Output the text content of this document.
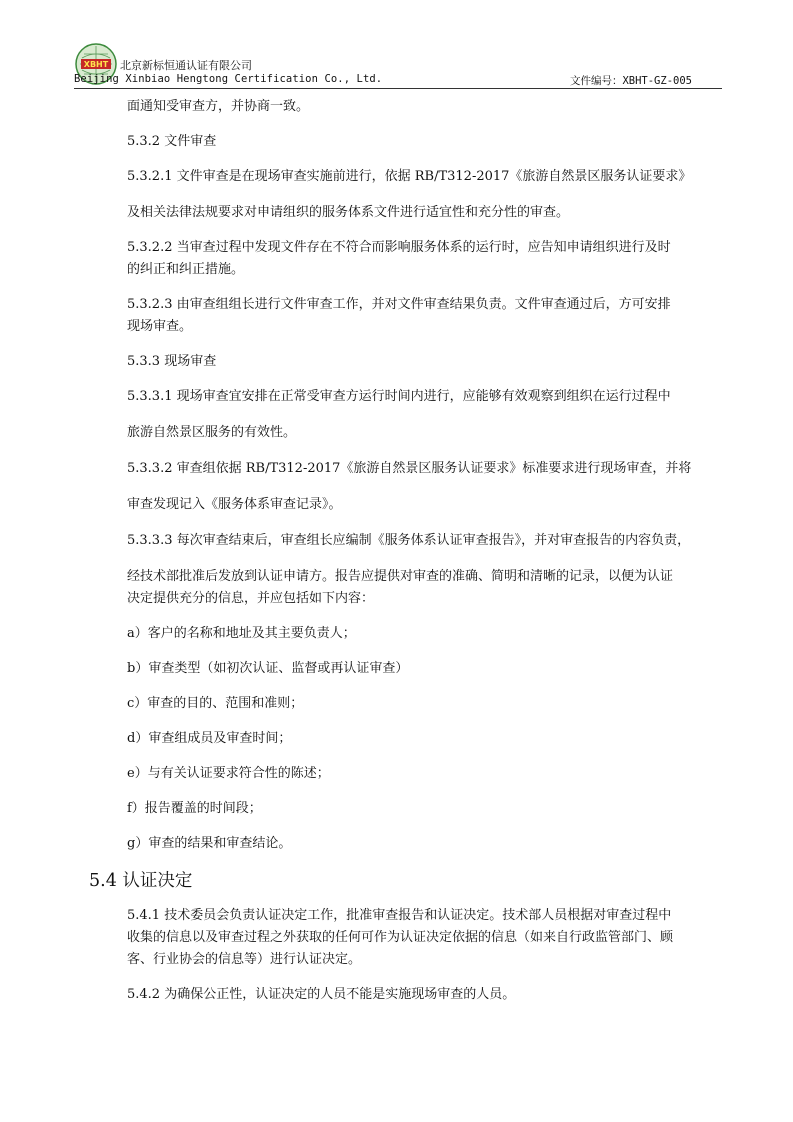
XBHT 北京新标恒通认证有限公司
Beijing Xinbiao Hengtong Certification Co., Ltd.	文件编号：XBHT-GZ-005

面通知受审查方，并协商一致。

5.3.2 文件审查

5.3.2.1 文件审查是在现场审查实施前进行，依据 RB/T312-2017《旅游自然景区服务认证要求》

及相关法律法规要求对申请组织的服务体系文件进行适宜性和充分性的审查。

5.3.2.2 当审查过程中发现文件存在不符合而影响服务体系的运行时，应告知申请组织进行及时

的纠正和纠正措施。

5.3.2.3 由审查组组长进行文件审查工作，并对文件审查结果负责。文件审查通过后，方可安排

现场审查。

5.3.3 现场审查

5.3.3.1 现场审查宜安排在正常受审查方运行时间内进行，应能够有效观察到组织在运行过程中

旅游自然景区服务的有效性。

5.3.3.2 审查组依据 RB/T312-2017《旅游自然景区服务认证要求》标准要求进行现场审查，并将

审查发现记入《服务体系审查记录》。

5.3.3.3 每次审查结束后，审查组长应编制《服务体系认证审查报告》，并对审查报告的内容负责，

经技术部批准后发放到认证申请方。报告应提供对审查的准确、简明和清晰的记录，以便为认证

决定提供充分的信息，并应包括如下内容：

a）客户的名称和地址及其主要负责人；

b）审查类型（如初次认证、监督或再认证审查）

c）审查的目的、范围和准则；

d）审查组成员及审查时间；

e）与有关认证要求符合性的陈述；

f）报告覆盖的时间段；

g）审查的结果和审查结论。

5.4 认证决定

5.4.1 技术委员会负责认证决定工作，批准审查报告和认证决定。技术部人员根据对审查过程中

收集的信息以及审查过程之外获取的任何可作为认证决定依据的信息（如来自行政监管部门、顾

客、行业协会的信息等）进行认证决定。

5.4.2 为确保公正性，认证决定的人员不能是实施现场审查的人员。
